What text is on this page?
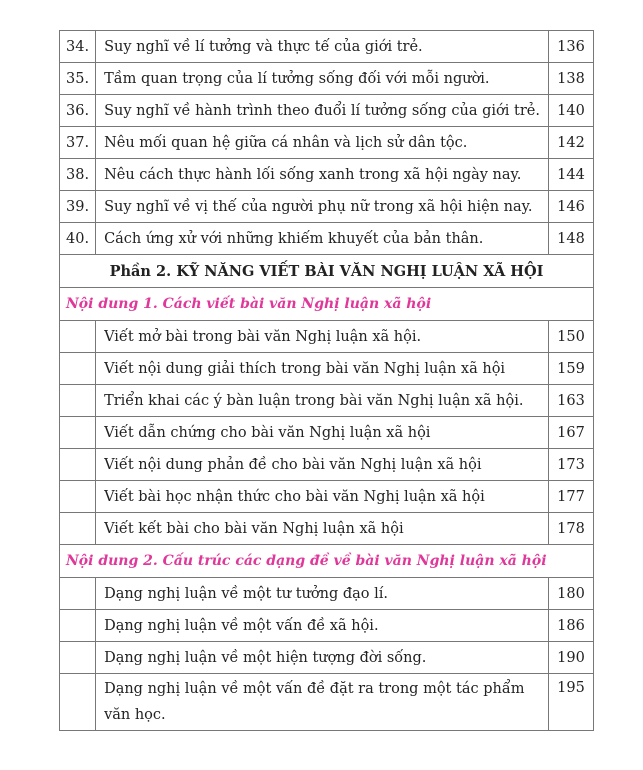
34.	Suy nghĩ về lí tưởng và thực tế của giới trẻ.	136
35.	Tầm quan trọng của lí tưởng sống đối với mỗi người.	138
36.	Suy nghĩ về hành trình theo đuổi lí tưởng sống của giới trẻ.	140
37.	Nêu mối quan hệ giữa cá nhân và lịch sử dân tộc.	142
38.	Nêu cách thực hành lối sống xanh trong xã hội ngày nay.	144
39.	Suy nghĩ về vị thế của người phụ nữ trong xã hội hiện nay.	146
40.	Cách ứng xử với những khiếm khuyết của bản thân.	148
Phần 2. KỸ NĂNG VIẾT BÀI VĂN NGHỊ LUẬN XÃ HỘI		
Nội dung 1. Cách viết bài văn Nghị luận xã hội		
	Viết mở bài trong bài văn Nghị luận xã hội.	150
	Viết nội dung giải thích trong bài văn Nghị luận xã hội	159
	Triển khai các ý bàn luận trong bài văn Nghị luận xã hội.	163
	Viết dẫn chứng cho bài văn Nghị luận xã hội	167
	Viết nội dung phản đề cho bài văn Nghị luận xã hội	173
	Viết bài học nhận thức cho bài văn Nghị luận xã hội	177
	Viết kết bài cho bài văn Nghị luận xã hội	178
Nội dung 2. Cấu trúc các dạng đề về bài văn Nghị luận xã hội		
	Dạng nghị luận về một tư tưởng đạo lí.	180
	Dạng nghị luận về một vấn đề xã hội.	186
	Dạng nghị luận về một hiện tượng đời sống.	190
	Dạng nghị luận về một vấn đề đặt ra trong một tác phẩm văn học.	195
